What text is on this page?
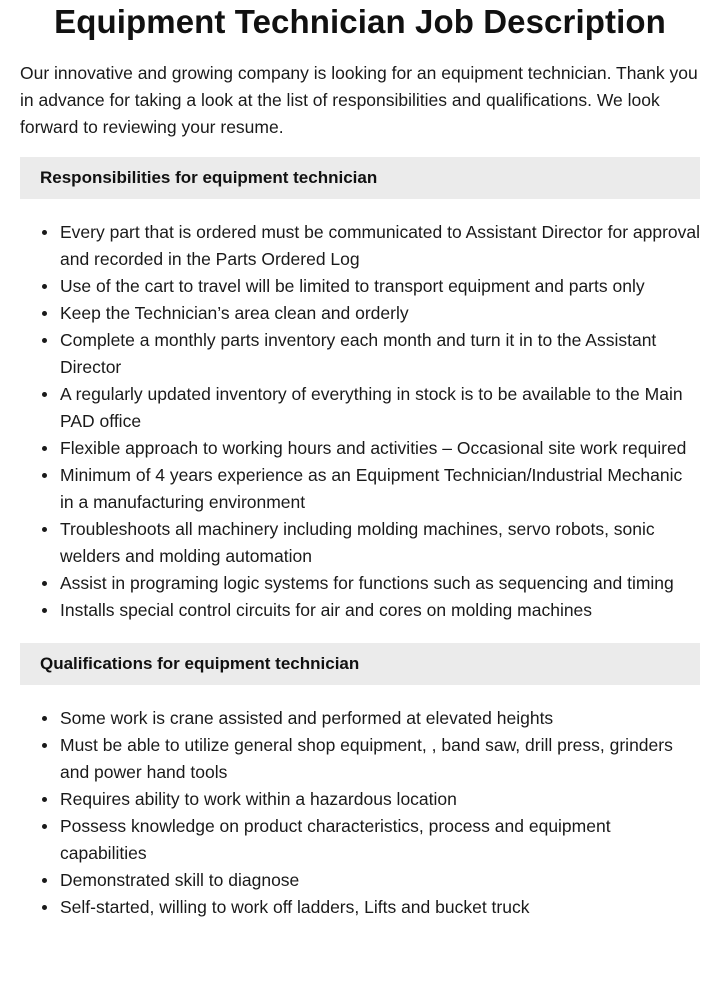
Equipment Technician Job Description

Our innovative and growing company is looking for an equipment technician. Thank you in advance for taking a look at the list of responsibilities and qualifications. We look forward to reviewing your resume.

Responsibilities for equipment technician
Every part that is ordered must be communicated to Assistant Director for approval and recorded in the Parts Ordered Log
Use of the cart to travel will be limited to transport equipment and parts only
Keep the Technician’s area clean and orderly
Complete a monthly parts inventory each month and turn it in to the Assistant Director
A regularly updated inventory of everything in stock is to be available to the Main PAD office
Flexible approach to working hours and activities – Occasional site work required
Minimum of 4 years experience as an Equipment Technician/Industrial Mechanic in a manufacturing environment
Troubleshoots all machinery including molding machines, servo robots, sonic welders and molding automation
Assist in programing logic systems for functions such as sequencing and timing
Installs special control circuits for air and cores on molding machines
Qualifications for equipment technician
Some work is crane assisted and performed at elevated heights
Must be able to utilize general shop equipment, , band saw, drill press, grinders and power hand tools
Requires ability to work within a hazardous location
Possess knowledge on product characteristics, process and equipment capabilities
Demonstrated skill to diagnose
Self-started, willing to work off ladders, Lifts and bucket truck
